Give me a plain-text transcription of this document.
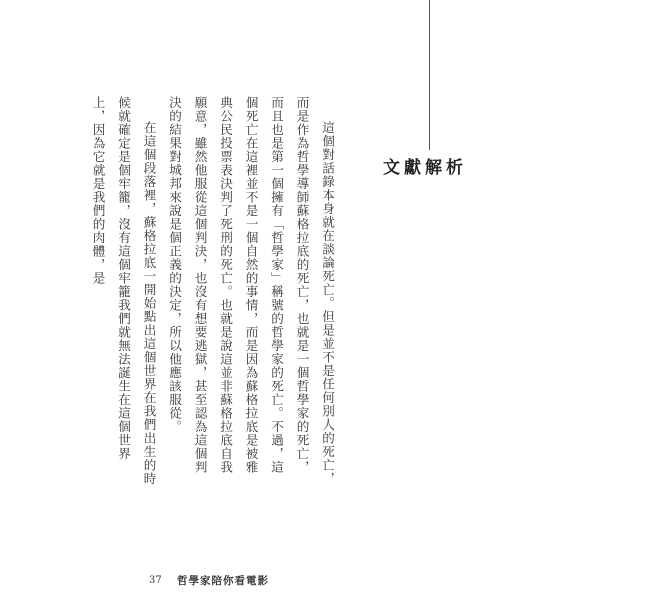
文獻解析

這個對話錄本身就在談論死亡。但是並不是任何別人的死亡，而是作為哲學導師蘇格拉底的死亡，也就是一個哲學家的死亡，而且也是第一個擁有「哲學家」稱號的哲學家的死亡。不過，這個死亡在這裡並不是一個自然的事情，而是因為蘇格拉底是被雅典公民投票表決判了死刑的死亡。也就是說這並非蘇格拉底自我願意，雖然他服從這個判決，也沒有想要逃獄，甚至認為這個判決的結果對城邦來說是個正義的決定，所以他應該服從。

在這個段落裡，蘇格拉底一開始點出這個世界在我們出生的時候就確定是個牢籠，沒有這個牢籠我們就無法誕生在這個世界上，因為它就是我們的肉體，是

37 哲學家陪你看電影
